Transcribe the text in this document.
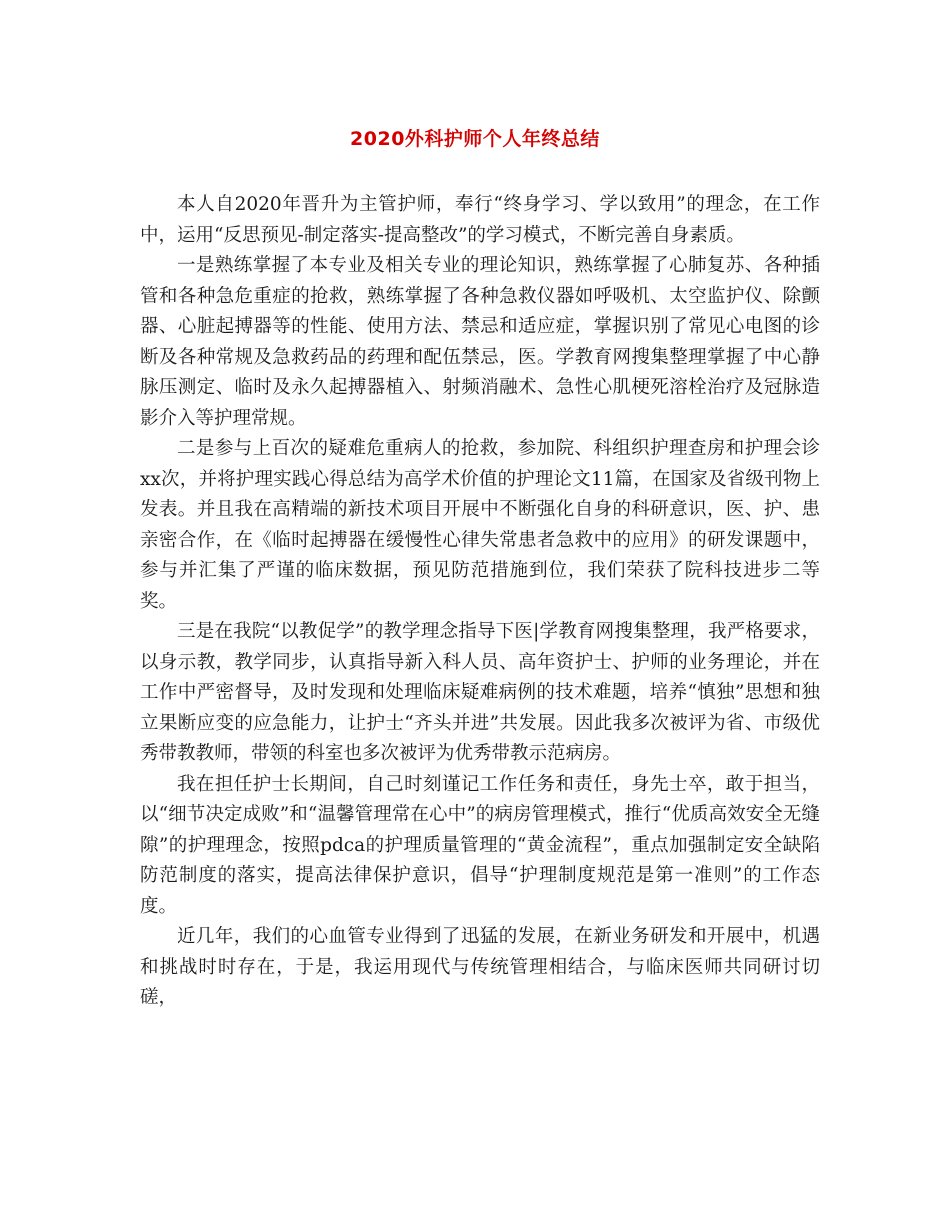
2020外科护师个人年终总结

本人自2020年晋升为主管护师，奉行“终身学习、学以致用”的理念，在工作中，运用“反思预见-制定落实-提高整改”的学习模式，不断完善自身素质。

一是熟练掌握了本专业及相关专业的理论知识，熟练掌握了心肺复苏、各种插管和各种急危重症的抢救，熟练掌握了各种急救仪器如呼吸机、太空监护仪、除颤器、心脏起搏器等的性能、使用方法、禁忌和适应症，掌握识别了常见心电图的诊断及各种常规及急救药品的药理和配伍禁忌，医。学教育网搜集整理掌握了中心静脉压测定、临时及永久起搏器植入、射频消融术、急性心肌梗死溶栓治疗及冠脉造影介入等护理常规。

二是参与上百次的疑难危重病人的抢救，参加院、科组织护理查房和护理会诊xx次，并将护理实践心得总结为高学术价值的护理论文11篇，在国家及省级刊物上发表。并且我在高精端的新技术项目开展中不断强化自身的科研意识，医、护、患亲密合作，在《临时起搏器在缓慢性心律失常患者急救中的应用》的研发课题中，参与并汇集了严谨的临床数据，预见防范措施到位，我们荣获了院科技进步二等奖。

三是在我院“以教促学”的教学理念指导下医|学教育网搜集整理，我严格要求，以身示教，教学同步，认真指导新入科人员、高年资护士、护师的业务理论，并在工作中严密督导，及时发现和处理临床疑难病例的技术难题，培养“慎独”思想和独立果断应变的应急能力，让护士“齐头并进”共发展。因此我多次被评为省、市级优秀带教教师，带领的科室也多次被评为优秀带教示范病房。

我在担任护士长期间，自己时刻谨记工作任务和责任，身先士卒，敢于担当，以“细节决定成败”和“温馨管理常在心中”的病房管理模式，推行“优质高效安全无缝隙”的护理理念，按照pdca的护理质量管理的“黄金流程”，重点加强制定安全缺陷防范制度的落实，提高法律保护意识，倡导“护理制度规范是第一准则”的工作态度。

近几年，我们的心血管专业得到了迅猛的发展，在新业务研发和开展中，机遇和挑战时时存在，于是，我运用现代与传统管理相结合，与临床医师共同研讨切磋，
